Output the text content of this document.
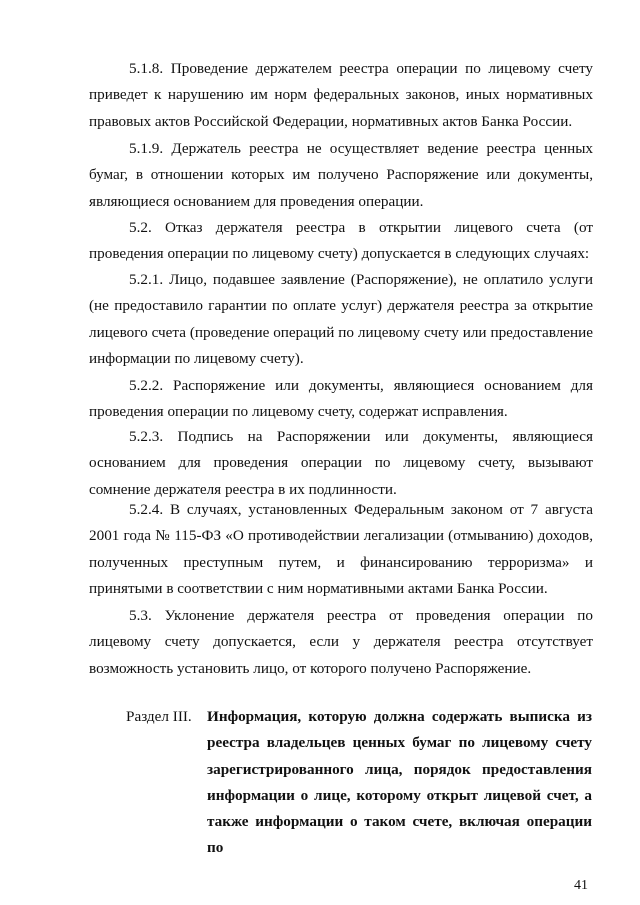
5.1.8. Проведение держателем реестра операции по лицевому счету приведет к нарушению им норм федеральных законов, иных нормативных правовых актов Российской Федерации, нормативных актов Банка России.

5.1.9. Держатель реестра не осуществляет ведение реестра ценных бумаг, в отношении которых им получено Распоряжение или документы, являющиеся основанием для проведения операции.

5.2. Отказ держателя реестра в открытии лицевого счета (от проведения операции по лицевому счету) допускается в следующих случаях:

5.2.1. Лицо, подавшее заявление (Распоряжение), не оплатило услуги (не предоставило гарантии по оплате услуг) держателя реестра за открытие лицевого счета (проведение операций по лицевому счету или предоставление информации по лицевому счету).

5.2.2. Распоряжение или документы, являющиеся основанием для проведения операции по лицевому счету, содержат исправления.

5.2.3. Подпись на Распоряжении или документы, являющиеся основанием для проведения операции по лицевому счету, вызывают сомнение держателя реестра в их подлинности.

5.2.4. В случаях, установленных Федеральным законом от 7 августа 2001 года № 115-ФЗ «О противодействии легализации (отмыванию) доходов, полученных преступным путем, и финансированию терроризма» и принятыми в соответствии с ним нормативными актами Банка России.

5.3. Уклонение держателя реестра от проведения операции по лицевому счету допускается, если у держателя реестра отсутствует возможность установить лицо, от которого получено Распоряжение.

Раздел III. Информация, которую должна содержать выписка из реестра владельцев ценных бумаг по лицевому счету зарегистрированного лица, порядок предоставления информации о лице, которому открыт лицевой счет, а также информации о таком счете, включая операции по

41
